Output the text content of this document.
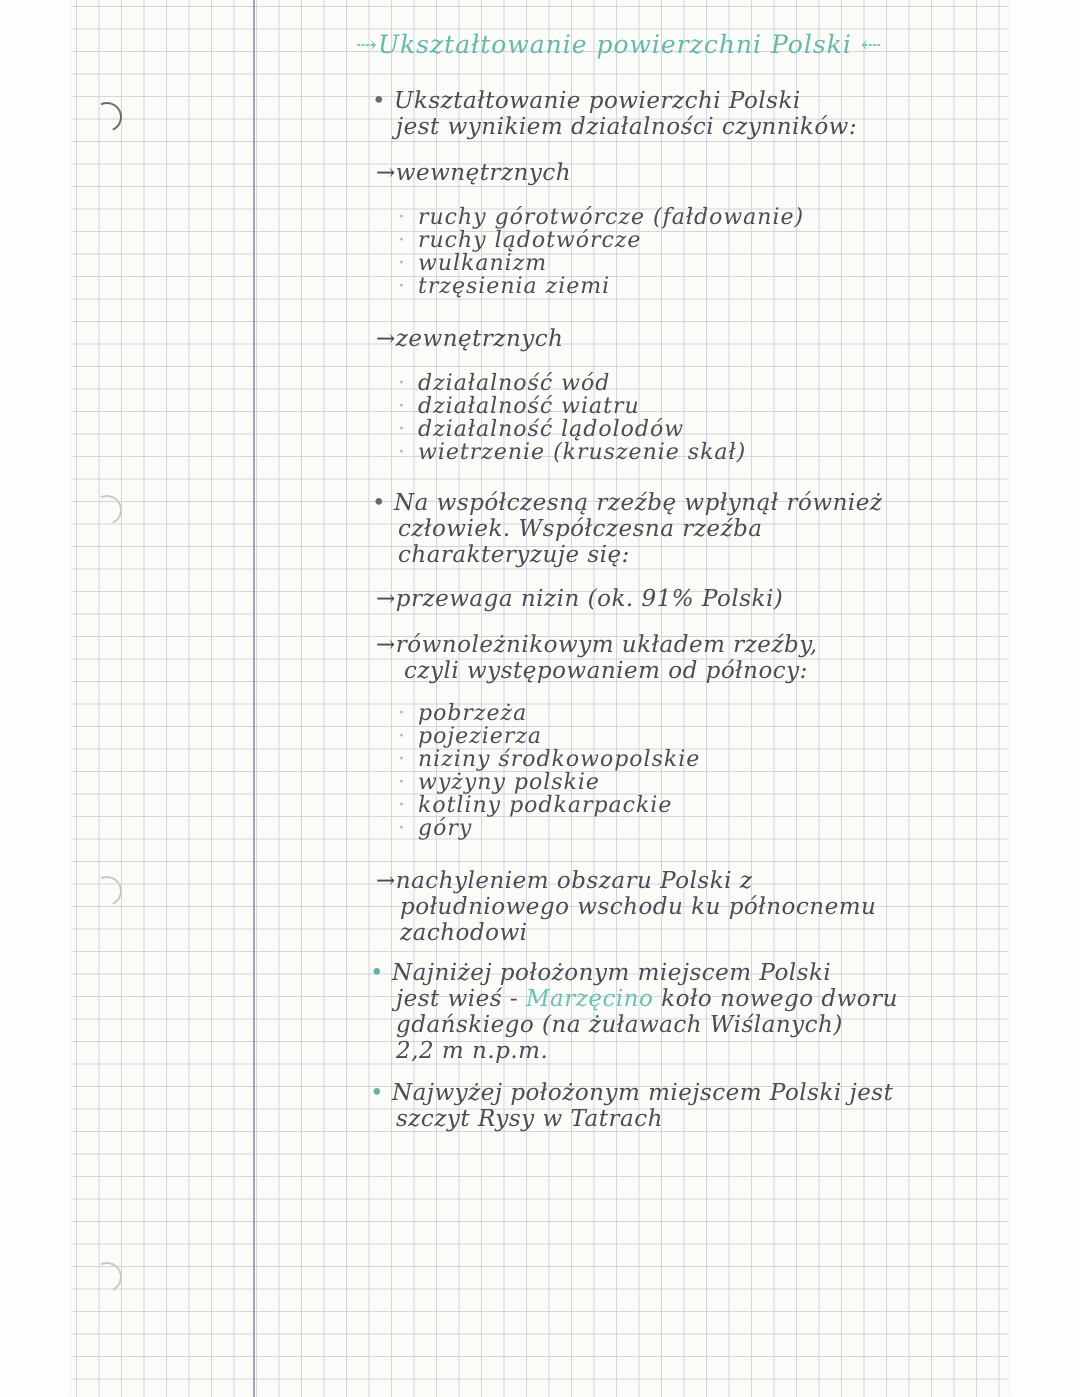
⇢Ukształtowanie powierzchni Polski ⇠
• Ukształtowanie powierzchi Polski
jest wynikiem działalności czynników:
→wewnętrznych
· ruchy górotwórcze (fałdowanie)
· ruchy lądotwórcze
· wulkanizm
· trzęsienia ziemi
→zewnętrznych
· działalność wód
· działalność wiatru
· działalność lądolodów
· wietrzenie (kruszenie skał)
• Na współczesną rzeźbę wpłynął również
człowiek. Współczesna rzeźba
charakteryzuje się:
→przewaga nizin (ok. 91% Polski)
→równoleżnikowym układem rzeźby,
czyli występowaniem od północy:
· pobrzeża
· pojezierza
· niziny środkowopolskie
· wyżyny polskie
· kotliny podkarpackie
· góry
→nachyleniem obszaru Polski z
południowego wschodu ku północnemu
zachodowi
• Najniżej położonym miejscem Polski
jest wieś - Marzęcino koło nowego dworu
gdańskiego (na żuławach Wiślanych)
2,2 m n.p.m.
• Najwyżej położonym miejscem Polski jest
szczyt Rysy w Tatrach
